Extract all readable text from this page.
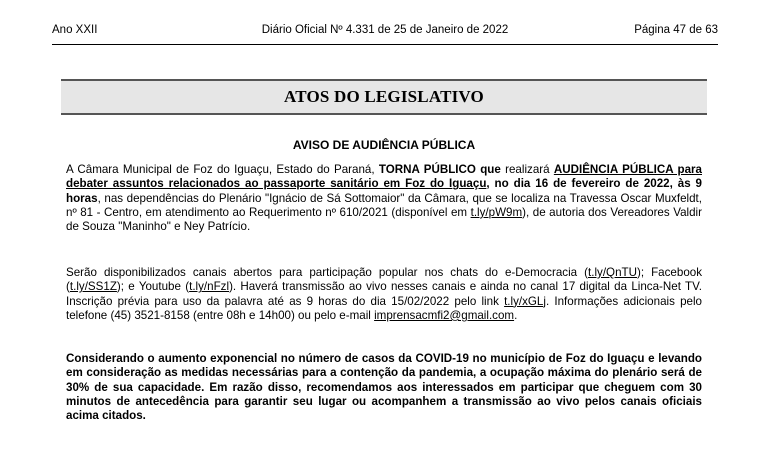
Ano XXII	Diário Oficial Nº 4.331 de 25 de Janeiro de 2022	Página 47 de 63
ATOS DO LEGISLATIVO
AVISO DE AUDIÊNCIA PÚBLICA
A Câmara Municipal de Foz do Iguaçu, Estado do Paraná, TORNA PÚBLICO que realizará AUDIÊNCIA PÚBLICA para debater assuntos relacionados ao passaporte sanitário em Foz do Iguaçu, no dia 16 de fevereiro de 2022, às 9 horas, nas dependências do Plenário "Ignácio de Sá Sottomaior" da Câmara, que se localiza na Travessa Oscar Muxfeldt, nº 81 - Centro, em atendimento ao Requerimento nº 610/2021 (disponível em t.ly/pW9m), de autoria dos Vereadores Valdir de Souza "Maninho" e Ney Patrício.
Serão disponibilizados canais abertos para participação popular nos chats do e-Democracia (t.ly/QnTU); Facebook (t.ly/SS1Z); e Youtube (t.ly/nFzl). Haverá transmissão ao vivo nesses canais e ainda no canal 17 digital da Linca-Net TV. Inscrição prévia para uso da palavra até as 9 horas do dia 15/02/2022 pelo link t.ly/xGLj. Informações adicionais pelo telefone (45) 3521-8158 (entre 08h e 14h00) ou pelo e-mail imprensacmfi2@gmail.com.
Considerando o aumento exponencial no número de casos da COVID-19 no município de Foz do Iguaçu e levando em consideração as medidas necessárias para a contenção da pandemia, a ocupação máxima do plenário será de 30% de sua capacidade. Em razão disso, recomendamos aos interessados em participar que cheguem com 30 minutos de antecedência para garantir seu lugar ou acompanhem a transmissão ao vivo pelos canais oficiais acima citados.
